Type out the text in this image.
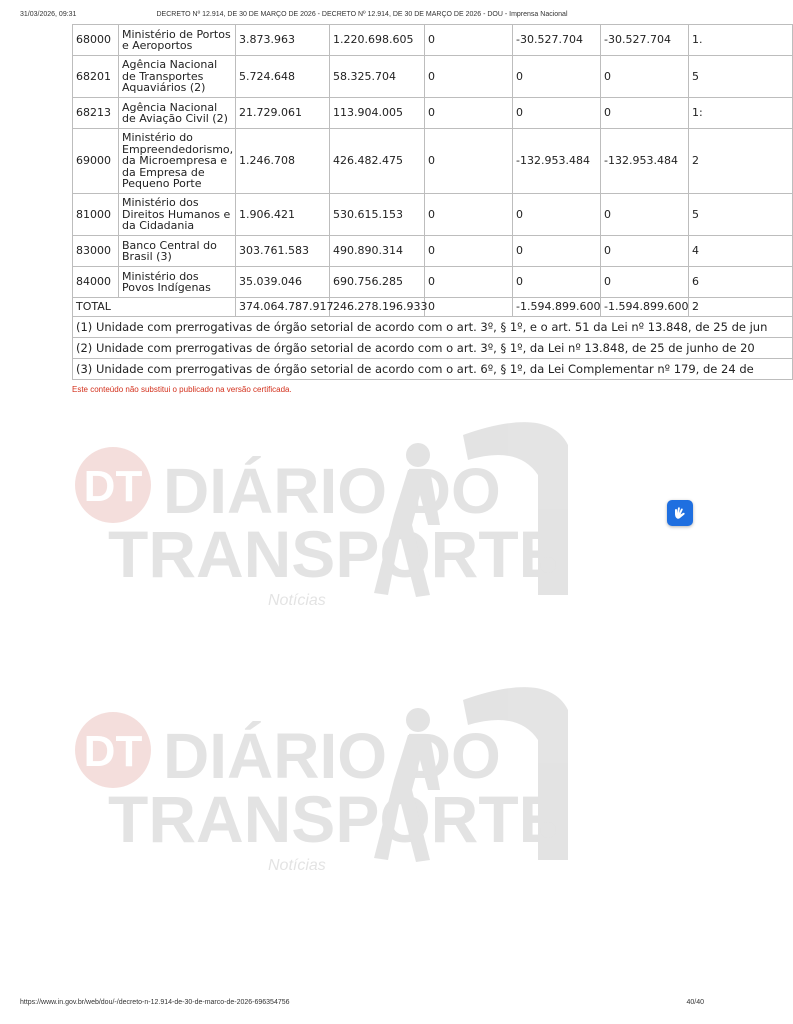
31/03/2026, 09:31	DECRETO Nº 12.914, DE 30 DE MARÇO DE 2026 - DECRETO Nº 12.914, DE 30 DE MARÇO DE 2026 - DOU - Imprensa Nacional
DT DIÁRIO DO
TRANSPORTE
Notícias
DT DIÁRIO DO
TRANSPORTE
Notícias
68000	Ministério de Portos e Aeroportos	3.873.963	1.220.698.605	0	-30.527.704	-30.527.704	1.
68201	Agência Nacional de Transportes Aquaviários (2)	5.724.648	58.325.704	0	0	0	5
68213	Agência Nacional de Aviação Civil (2)	21.729.061	113.904.005	0	0	0	1:
69000	Ministério do Empreendedorismo, da Microempresa e da Empresa de Pequeno Porte	1.246.708	426.482.475	0	-132.953.484	-132.953.484	2
81000	Ministério dos Direitos Humanos e da Cidadania	1.906.421	530.615.153	0	0	0	5
83000	Banco Central do Brasil (3)	303.761.583	490.890.314	0	0	0	4
84000	Ministério dos Povos Indígenas	35.039.046	690.756.285	0	0	0	6
TOTAL		374.064.787.917	246.278.196.933	0	-1.594.899.600	-1.594.899.600	2
(1) Unidade com prerrogativas de órgão setorial de acordo com o art. 3º, § 1º, e o art. 51 da Lei nº 13.848, de 25 de jun							
(2) Unidade com prerrogativas de órgão setorial de acordo com o art. 3º, § 1º, da Lei nº 13.848, de 25 de junho de 20							
(3) Unidade com prerrogativas de órgão setorial de acordo com o art. 6º, § 1º, da Lei Complementar nº 179, de 24 de							
Este conteúdo não substitui o publicado na versão certificada.
https://www.in.gov.br/web/dou/-/decreto-n-12.914-de-30-de-marco-de-2026-696354756	40/40
